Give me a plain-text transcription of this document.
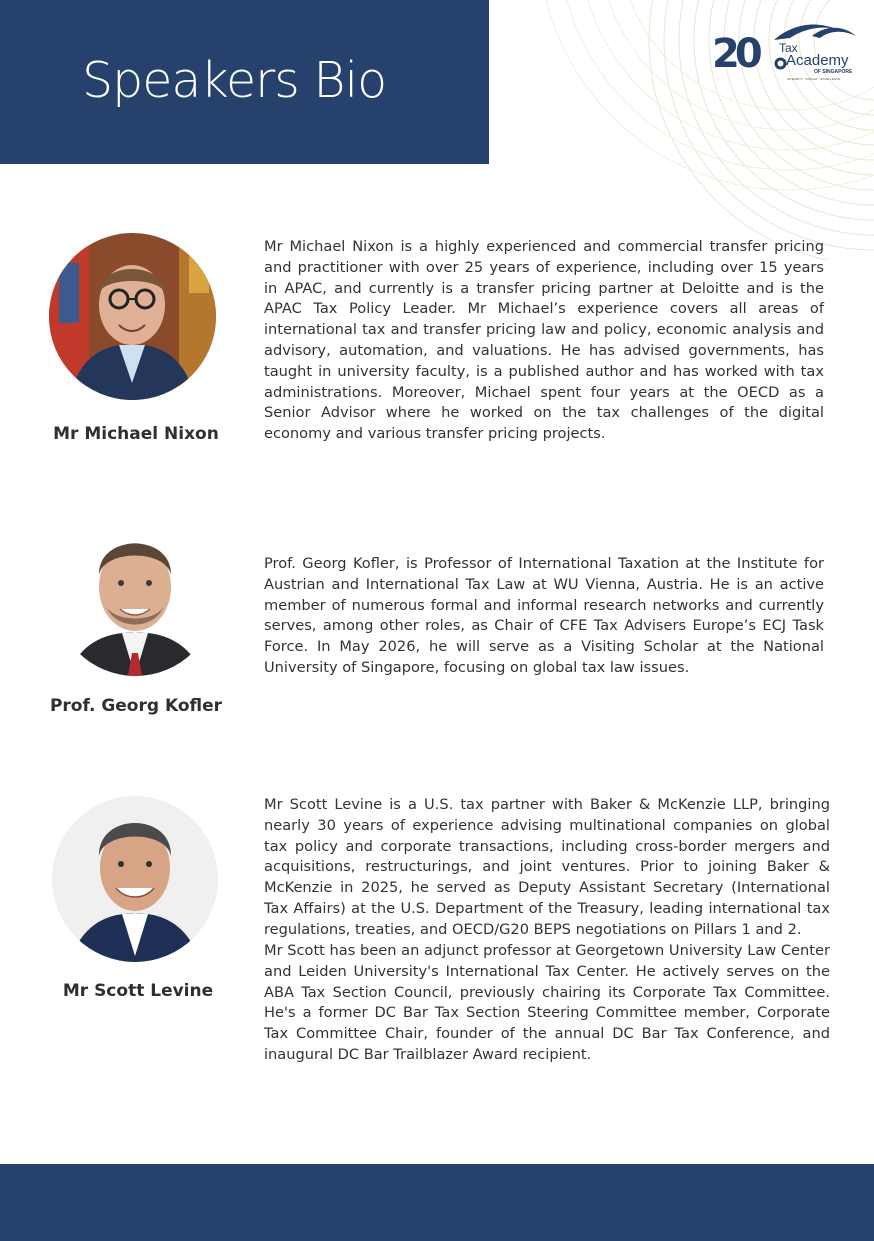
Speakers Bio	20 Tax
Academy
OF SINGAPORE
INTEGRITY · INSIGHT · EXCELLENCE
Mr Michael Nixon
Mr Michael Nixon is a highly experienced and commercial transfer pricing and practitioner with over 25 years of experience, including over 15 years in APAC, and currently is a transfer pricing partner at Deloitte and is the APAC Tax Policy Leader. Mr Michael’s experience covers all areas of international tax and transfer pricing law and policy, economic analysis and advisory, automation, and valuations. He has advised governments, has taught in university faculty, is a published author and has worked with tax administrations. Moreover, Michael spent four years at the OECD as a Senior Advisor where he worked on the tax challenges of the digital economy and various transfer pricing projects.
Prof. Georg Kofler
Prof. Georg Kofler, is Professor of International Taxation at the Institute for Austrian and International Tax Law at WU Vienna, Austria. He is an active member of numerous formal and informal research networks and currently serves, among other roles, as Chair of CFE Tax Advisers Europe’s ECJ Task Force. In May 2026, he will serve as a Visiting Scholar at the National University of Singapore, focusing on global tax law issues.
Mr Scott Levine
Mr Scott Levine is a U.S. tax partner with Baker & McKenzie LLP, bringing nearly 30 years of experience advising multinational companies on global tax policy and corporate transactions, including cross-border mergers and acquisitions, restructurings, and joint ventures. Prior to joining Baker & McKenzie in 2025, he served as Deputy Assistant Secretary (International Tax Affairs) at the U.S. Department of the Treasury, leading international tax regulations, treaties, and OECD/G20 BEPS negotiations on Pillars 1 and 2.
Mr Scott has been an adjunct professor at Georgetown University Law Center and Leiden University's International Tax Center. He actively serves on the ABA Tax Section Council, previously chairing its Corporate Tax Committee. He's a former DC Bar Tax Section Steering Committee member, Corporate Tax Committee Chair, founder of the annual DC Bar Tax Conference, and inaugural DC Bar Trailblazer Award recipient.
